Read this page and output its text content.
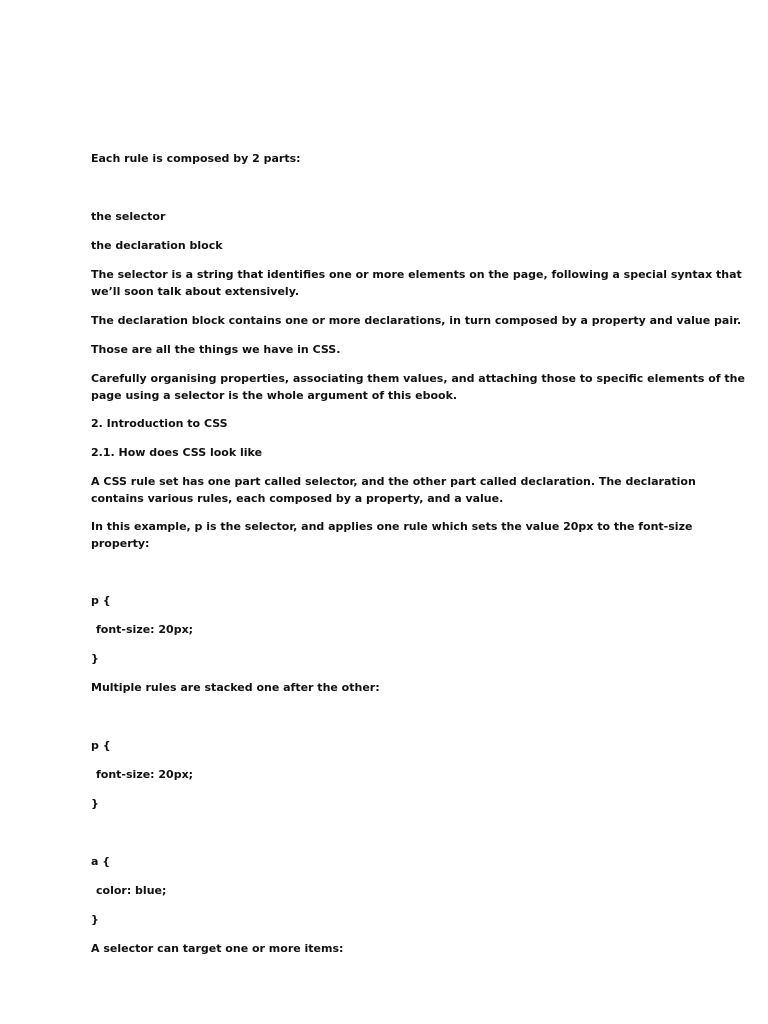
Each rule is composed by 2 parts:

the selector

the declaration block

The selector is a string that identifies one or more elements on the page, following a special syntax that

we’ll soon talk about extensively.

The declaration block contains one or more declarations, in turn composed by a property and value pair.

Those are all the things we have in CSS.

Carefully organising properties, associating them values, and attaching those to specific elements of the

page using a selector is the whole argument of this ebook.

2. Introduction to CSS

2.1. How does CSS look like

A CSS rule set has one part called selector, and the other part called declaration. The declaration

contains various rules, each composed by a property, and a value.

In this example, p is the selector, and applies one rule which sets the value 20px to the font-size

property:

p {

font-size: 20px;

}

Multiple rules are stacked one after the other:

p {

font-size: 20px;

}

a {

color: blue;

}

A selector can target one or more items:
